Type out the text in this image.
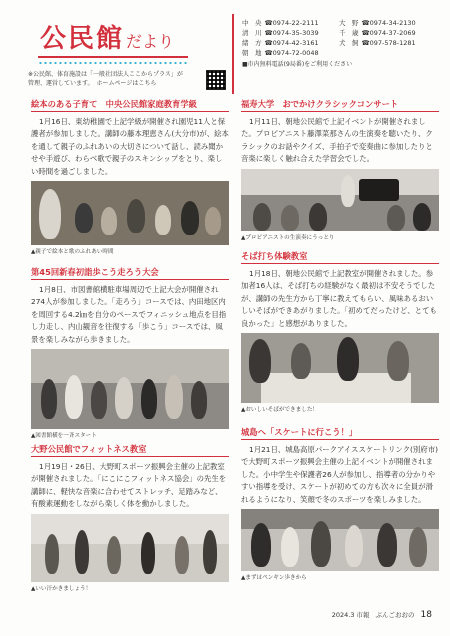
公民館 だより
※公民館、体育施設は「一般社団法人ここからプラス」が
管理、運営しています。　ホームページはこちら
中　央 ☎0974-22-2111	大　野 ☎0974-34-2130
清　川 ☎0974-35-3039	千　歳 ☎0974-37-2069
緒　方 ☎0974-42-3161	犬　飼 ☎097-578-1281
朝　地 ☎0974-72-0048
■市内無料電話(9局番)をご利用ください
絵本のある子育て　中央公民館家庭教育学級
1月16日、東幼稚園で上記学級が開催され園児11人と保護者が参加しました。講師の藤本理恵さん(大分市)が、絵本を通して親子のふれあいの大切さについて話し、読み聞かせや手遊び、わらべ歌で親子のスキンシップをとり、楽しい時間を過ごしました。
▲親子で絵本と歌のふれあい時間
第45回新春初詣歩こう走ろう大会
1月8日、市図書館横駐車場周辺で上記大会が開催され274人が参加しました。「走ろう」コースでは、内田地区内を周回する4.2㎞を自分のペースでフィニッシュ地点を目指し力走し、内山観音を往復する「歩こう」コースでは、風景を楽しみながら歩きました。
▲図書館横を一斉スタート
大野公民館でフィットネス教室
1月19日・26日、大野町スポーツ振興会主催の上記教室が開催されました。「にこにこフィットネス協会」の先生を講師に、軽快な音楽に合わせてストレッチ、足踏みなど、有酸素運動をしながら楽しく体を動かしました。
▲いい汗かきましょう！
福寿大学　おでかけクラシックコンサート
1月11日、朝地公民館で上記イベントが開催されました。プロピアニスト藤澤菜那さんの生演奏を聴いたり、クラシックのお話やクイズ、手拍子で変奏曲に参加したりと音楽に楽しく触れ合えた学習会でした。
▲プロピアニストの生演奏にうっとり
そば打ち体験教室
1月18日、朝地公民館で上記教室が開催されました。参加者16人は、そば打ちの経験がなく最初は不安そうでしたが、講師の先生方から丁寧に教えてもらい、風味あるおいしいそばができあがりました。「初めてだったけど、とても良かった」と感想がありました。
▲おいしいそばができました！
城島へ「スケートに行こう！」
1月21日、城島高原パークアイススケートリンク(別府市)で大野町スポーツ振興会主催の上記イベントが開催されました。小中学生や保護者26人が参加し、指導者の分かりやすい指導を受け、スケートが初めての方も次々に全員が滑れるようになり、笑顔で冬のスポーツを楽しみました。
▲まずはペンギン歩きから
2024.3 市報 ぶんごおおの 18
